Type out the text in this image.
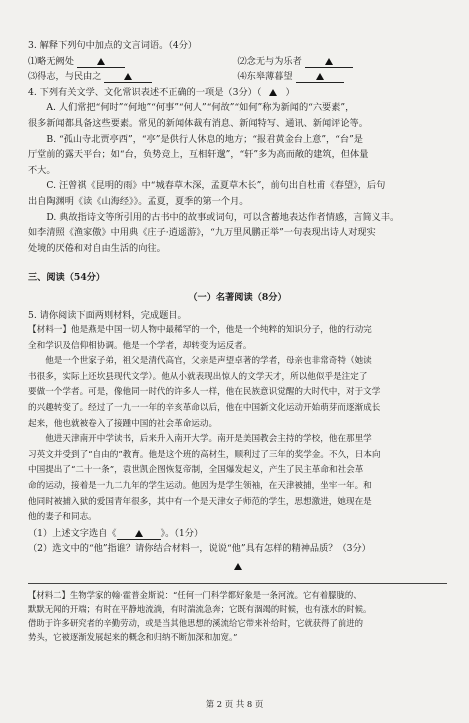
3. 解释下列句中加点的文言词语。（4分）

⑴略无阙处	⑵念无与为乐者
⑶得志，与民由之	⑷东皋薄暮望

4. 下列有关文学、文化常识表述不正确的一项是（3分）（	）

A. 人们常把“何时”“何地”“何事”“何人”“何故”“如何”称为新闻的“六要素”，
很多新闻都具备这些要素。常见的新闻体裁有消息、新闻特写、通讯、新闻评论等。

B. “孤山寺北贾亭西”，“亭”是供行人休息的地方；“报君黄金台上意”，“台”是
厅堂前的露天平台；如“台，负势竞上，互相轩邈”，“轩”多为高而敞的建筑，但体量
不大。

C. 汪曾祺《昆明的雨》中“城春草木深，孟夏草木长”，前句出自杜甫《春望》，后句
出自陶渊明《读《山海经》》。孟夏，夏季的第一个月。

D. 典故指诗文等所引用的古书中的故事或词句，可以含蓄地表达作者情感，言简义丰。
如李清照《渔家傲》中用典《庄子·逍遥游》，“九万里风鹏正举”一句表现出诗人对现实
处境的厌倦和对自由生活的向往。

三、阅读（54分）

（一）名著阅读（8分）

5. 请你阅读下面两则材料，完成题目。

【材料一】他是燕是中国一切人物中最稀罕的一个，他是一个纯粹的知识分子，他的行动完
全和学识及信仰相协调。他是一个学者，却转变为运反者。

他是一个世家子弟，祖父是清代高官，父亲是声望卓著的学者，母亲也非常奇特（她读
书很多，实际上还坎县现代文学）。他从小就表现出惊人的文学天才，所以他似乎是注定了
要做一个学者。可是，像他同一时代的许多人一样，他在民族意识觉醒的大时代中，对于文学
的兴趣转变了。经过了一九一一年的辛亥革命以后，他在中国新文化运动开始萌芽而逐渐成长
起来，他也就被卷入了接踵中国的社会革命运动。

他进天津南开中学读书，后来升入南开大学。南开是美国教会主持的学校，他在那里学
习英文并受到了“自由的”教育。他是这个班的高材生，顺利过了三年的奖学金。不久，日本向
中国提出了“二十一条”，袁世凯企图恢复帝制，全国爆发起义，产生了民主革命和社会革
命的运动，接着是一九二九年的学生运动。他因为是学生领袖，在天津被捕，坐牢一年。和
他同时被捕入狱的爱国青年很多，其中有一个是天津女子师范的学生，思想激进，她现在是
他的妻子和同志。

（1）上述文字选自《	》。（1分）

（2）选文中的“他”指谁？请你结合材料一，说说“他”具有怎样的精神品质？（3分）

【材料二】生物学家的翰·霍普金斯说：“任何一门科学都好象是一条河流。它有着朦胧的、
默默无闻的开端；有时在平静地流淌，有时湍流急奔；它既有涸竭的时候，也有涨水的时候。
借助于许多研究者的辛勤劳动，或是当其他思想的溪流给它带来补给时，它就获得了前进的
势头，它被逐渐发展起来的概念和归纳不断加深和加宽。”
第 2 页 共 8 页
